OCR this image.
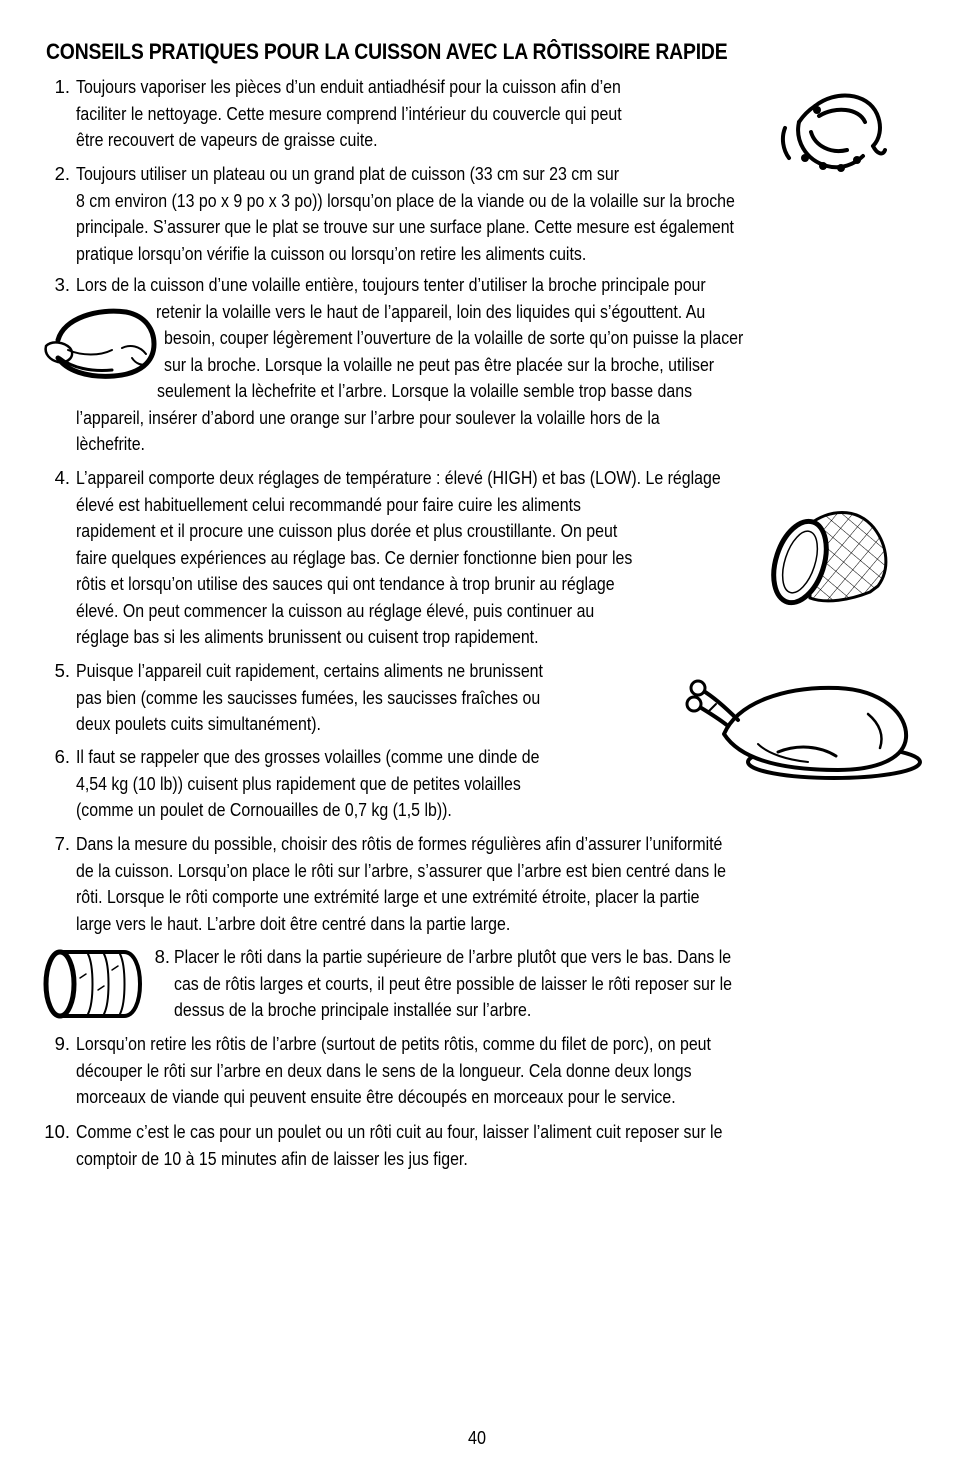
CONSEILS PRATIQUES POUR LA CUISSON AVEC LA RÔTISSOIRE RAPIDE
1. Toujours vaporiser les pièces d’un enduit antiadhésif pour la cuisson afin d’en
faciliter le nettoyage. Cette mesure comprend l’intérieur du couvercle qui peut
être recouvert de vapeurs de graisse cuite.
2. Toujours utiliser un plateau ou un grand plat de cuisson (33 cm sur 23 cm sur
8 cm environ (13 po x 9 po x 3 po)) lorsqu’on place de la viande ou de la volaille sur la broche
principale. S’assurer que le plat se trouve sur une surface plane. Cette mesure est également
pratique lorsqu’on vérifie la cuisson ou lorsqu’on retire les aliments cuits.
3. Lors de la cuisson d’une volaille entière, toujours tenter d’utiliser la broche principale pour
retenir la volaille vers le haut de l’appareil, loin des liquides qui s’égouttent. Au
besoin, couper légèrement l’ouverture de la volaille de sorte qu’on puisse la placer
sur la broche. Lorsque la volaille ne peut pas être placée sur la broche, utiliser
seulement la lèchefrite et l’arbre. Lorsque la volaille semble trop basse dans
l’appareil, insérer d’abord une orange sur l’arbre pour soulever la volaille hors de la
lèchefrite.
4. L’appareil comporte deux réglages de température : élevé (HIGH) et bas (LOW). Le réglage
élevé est habituellement celui recommandé pour faire cuire les aliments
rapidement et il procure une cuisson plus dorée et plus croustillante. On peut
faire quelques expériences au réglage bas. Ce dernier fonctionne bien pour les
rôtis et lorsqu’on utilise des sauces qui ont tendance à trop brunir au réglage
élevé. On peut commencer la cuisson au réglage élevé, puis continuer au
réglage bas si les aliments brunissent ou cuisent trop rapidement.
5. Puisque l’appareil cuit rapidement, certains aliments ne brunissent
pas bien (comme les saucisses fumées, les saucisses fraîches ou
deux poulets cuits simultanément).
6. Il faut se rappeler que des grosses volailles (comme une dinde de
4,54 kg (10 lb)) cuisent plus rapidement que de petites volailles
(comme un poulet de Cornouailles de 0,7 kg (1,5 lb)).
7. Dans la mesure du possible, choisir des rôtis de formes régulières afin d’assurer l’uniformité
de la cuisson. Lorsqu’on place le rôti sur l’arbre, s’assurer que l’arbre est bien centré dans le
rôti. Lorsque le rôti comporte une extrémité large et une extrémité étroite, placer la partie
large vers le haut. L’arbre doit être centré dans la partie large.
8. Placer le rôti dans la partie supérieure de l’arbre plutôt que vers le bas. Dans le
cas de rôtis larges et courts, il peut être possible de laisser le rôti reposer sur le
dessus de la broche principale installée sur l’arbre.
9. Lorsqu’on retire les rôtis de l’arbre (surtout de petits rôtis, comme du filet de porc), on peut
découper le rôti sur l’arbre en deux dans le sens de la longueur. Cela donne deux longs
morceaux de viande qui peuvent ensuite être découpés en morceaux pour le service.
10. Comme c’est le cas pour un poulet ou un rôti cuit au four, laisser l’aliment cuit reposer sur le
comptoir de 10 à 15 minutes afin de laisser les jus figer.
40
